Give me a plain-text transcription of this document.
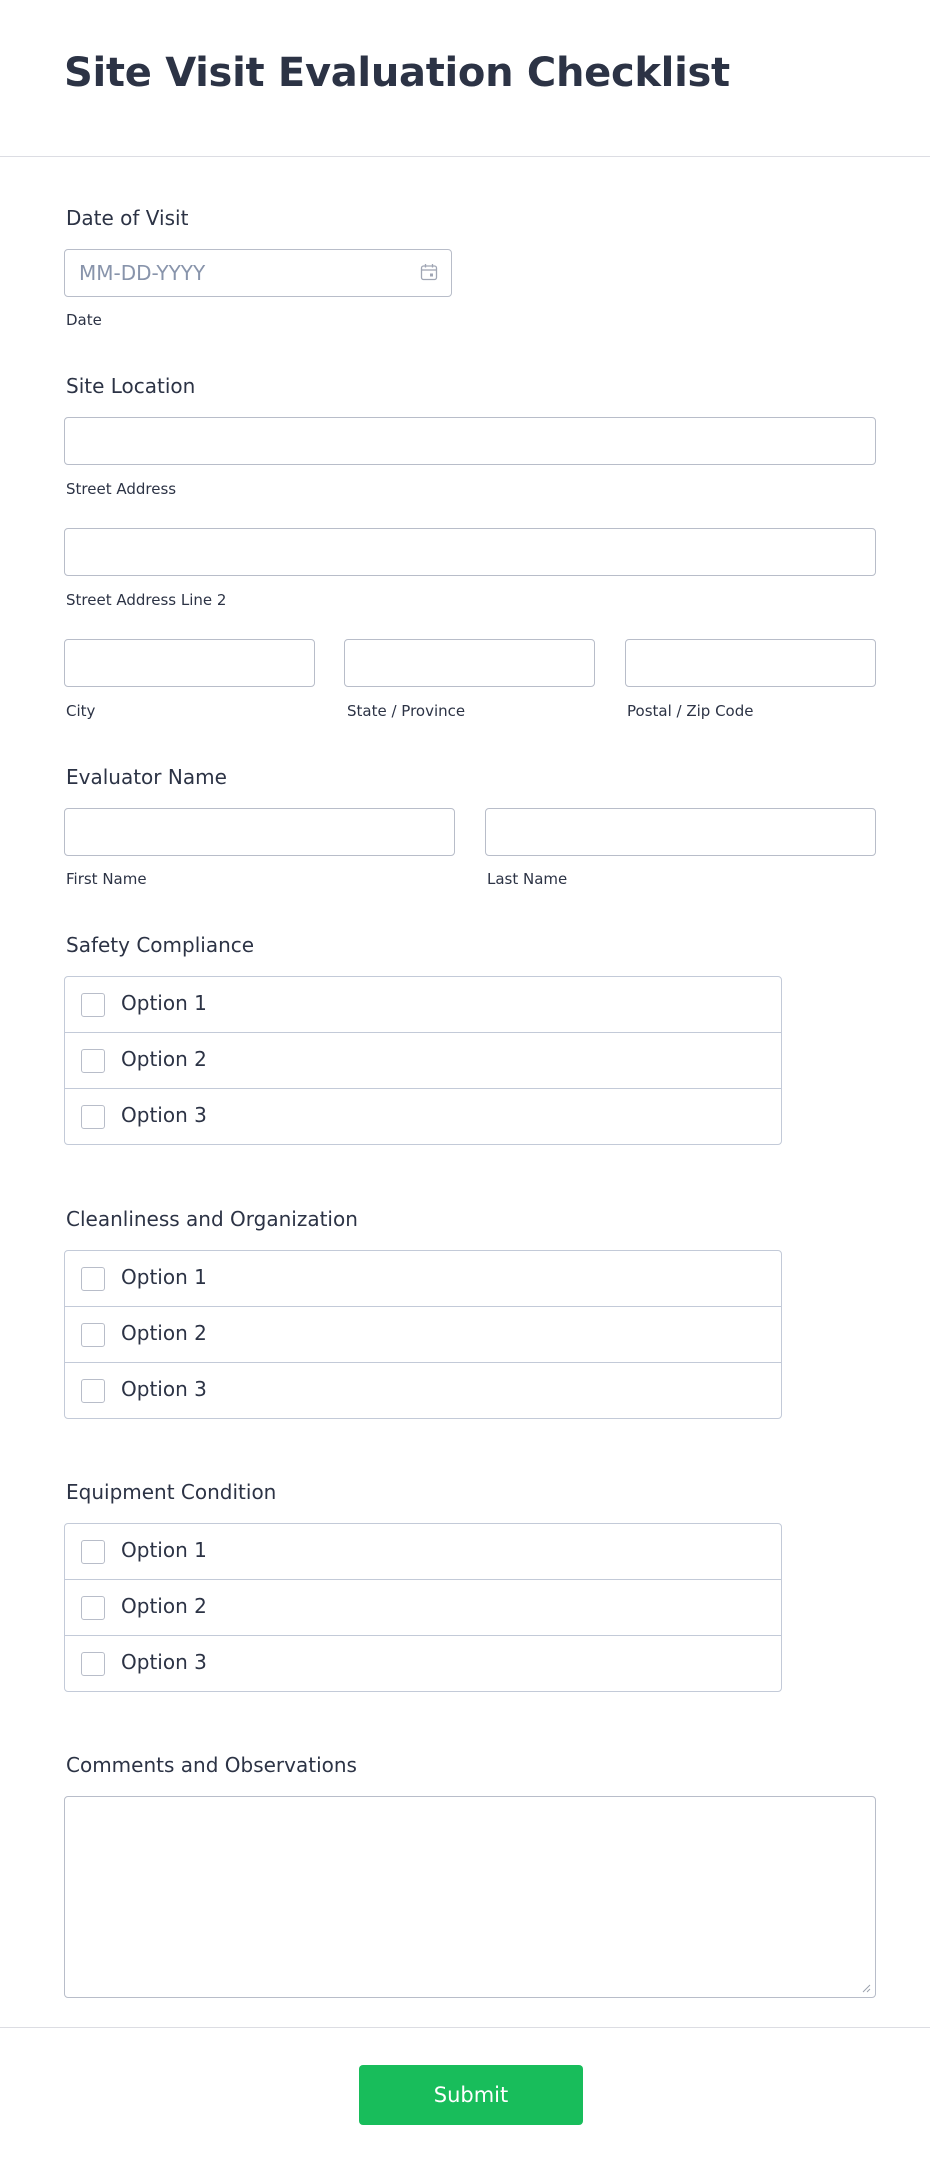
Site Visit Evaluation Checklist
Date of Visit
MM-DD-YYYY
Date
Site Location
Street Address
Street Address Line 2
City	State / Province	Postal / Zip Code
Evaluator Name
First Name	Last Name
Safety Compliance
Option 1
Option 2
Option 3
Cleanliness and Organization
Option 1
Option 2
Option 3
Equipment Condition
Option 1
Option 2
Option 3
Comments and Observations
Submit
